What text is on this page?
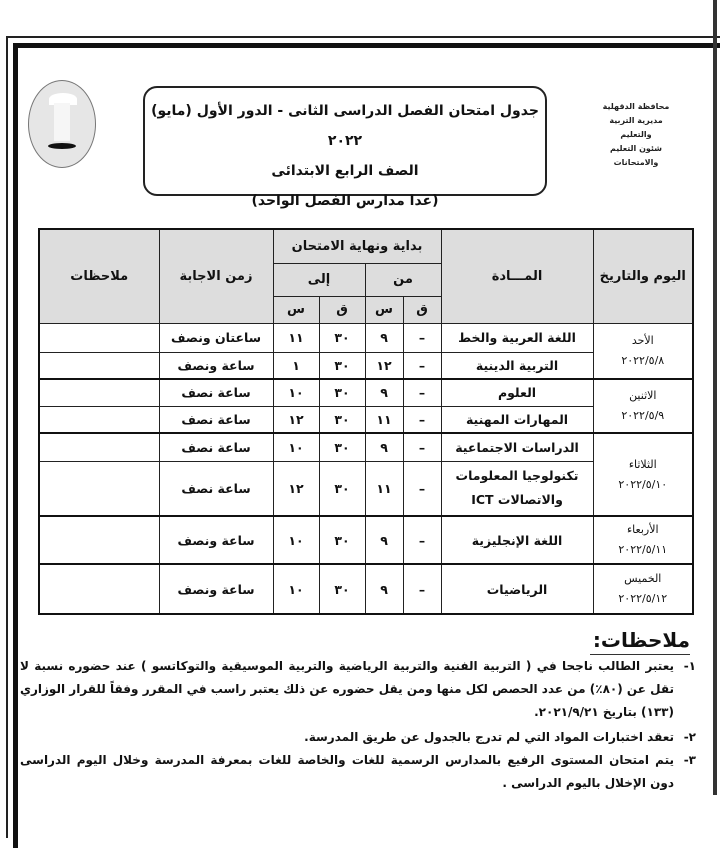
محافظة الدقهلية
مديرية التربية والتعليم
شئون التعليم والامتحانات
جدول امتحان الفصل الدراسى الثانى - الدور الأول (مايو) ٢٠٢٢
الصف الرابع الابتدائى
(عدا مدارس الفصل الواحد)
اليوم والتاريخ	المـــادة	بداية ونهاية الامتحان				زمن الاجابة	ملاحظات
		من		إلى			
		ق	س	ق	س		

الأحد
٢٠٢٢/٥/٨	اللغة العربية والخط	–	٩	٣٠	١١	ساعتان ونصف	
	التربية الدينية	–	١٢	٣٠	١	ساعة ونصف	

الاثنين
٢٠٢٢/٥/٩	العلوم	–	٩	٣٠	١٠	ساعة نصف	
	المهارات المهنية	–	١١	٣٠	١٢	ساعة نصف	

الثلاثاء
٢٠٢٢/٥/١٠	الدراسات الاجتماعية	–	٩	٣٠	١٠	ساعة نصف	
	تكنولوجيا المعلومات والاتصالات ICT	–	١١	٣٠	١٢	ساعة نصف	

الأربعاء
٢٠٢٢/٥/١١	اللغة الإنجليزية	–	٩	٣٠	١٠	ساعة ونصف	

الخميس
٢٠٢٢/٥/١٢	الرياضيات	–	٩	٣٠	١٠	ساعة ونصف	
ملاحظات:
١-
يعتبر الطالب ناجحا في ( التربية الفنية والتربية الرياضية والتربية الموسيقية والتوكاتسو ) عند حضوره نسبة لا تقل عن (٨٠٪) من عدد الحصص لكل منها ومن يقل حضوره عن ذلك يعتبر راسب في المقرر وفقاً للقرار الوزاري (١٣٣) بتاريخ ٢٠٢١/٩/٢١.
٢-
تعقد اختبارات المواد التي لم تدرج بالجدول عن طريق المدرسة.
٣-
يتم امتحان المستوى الرفيع بالمدارس الرسمية للغات والخاصة للغات بمعرفة المدرسة وخلال اليوم الدراسى دون الإخلال باليوم الدراسى .
